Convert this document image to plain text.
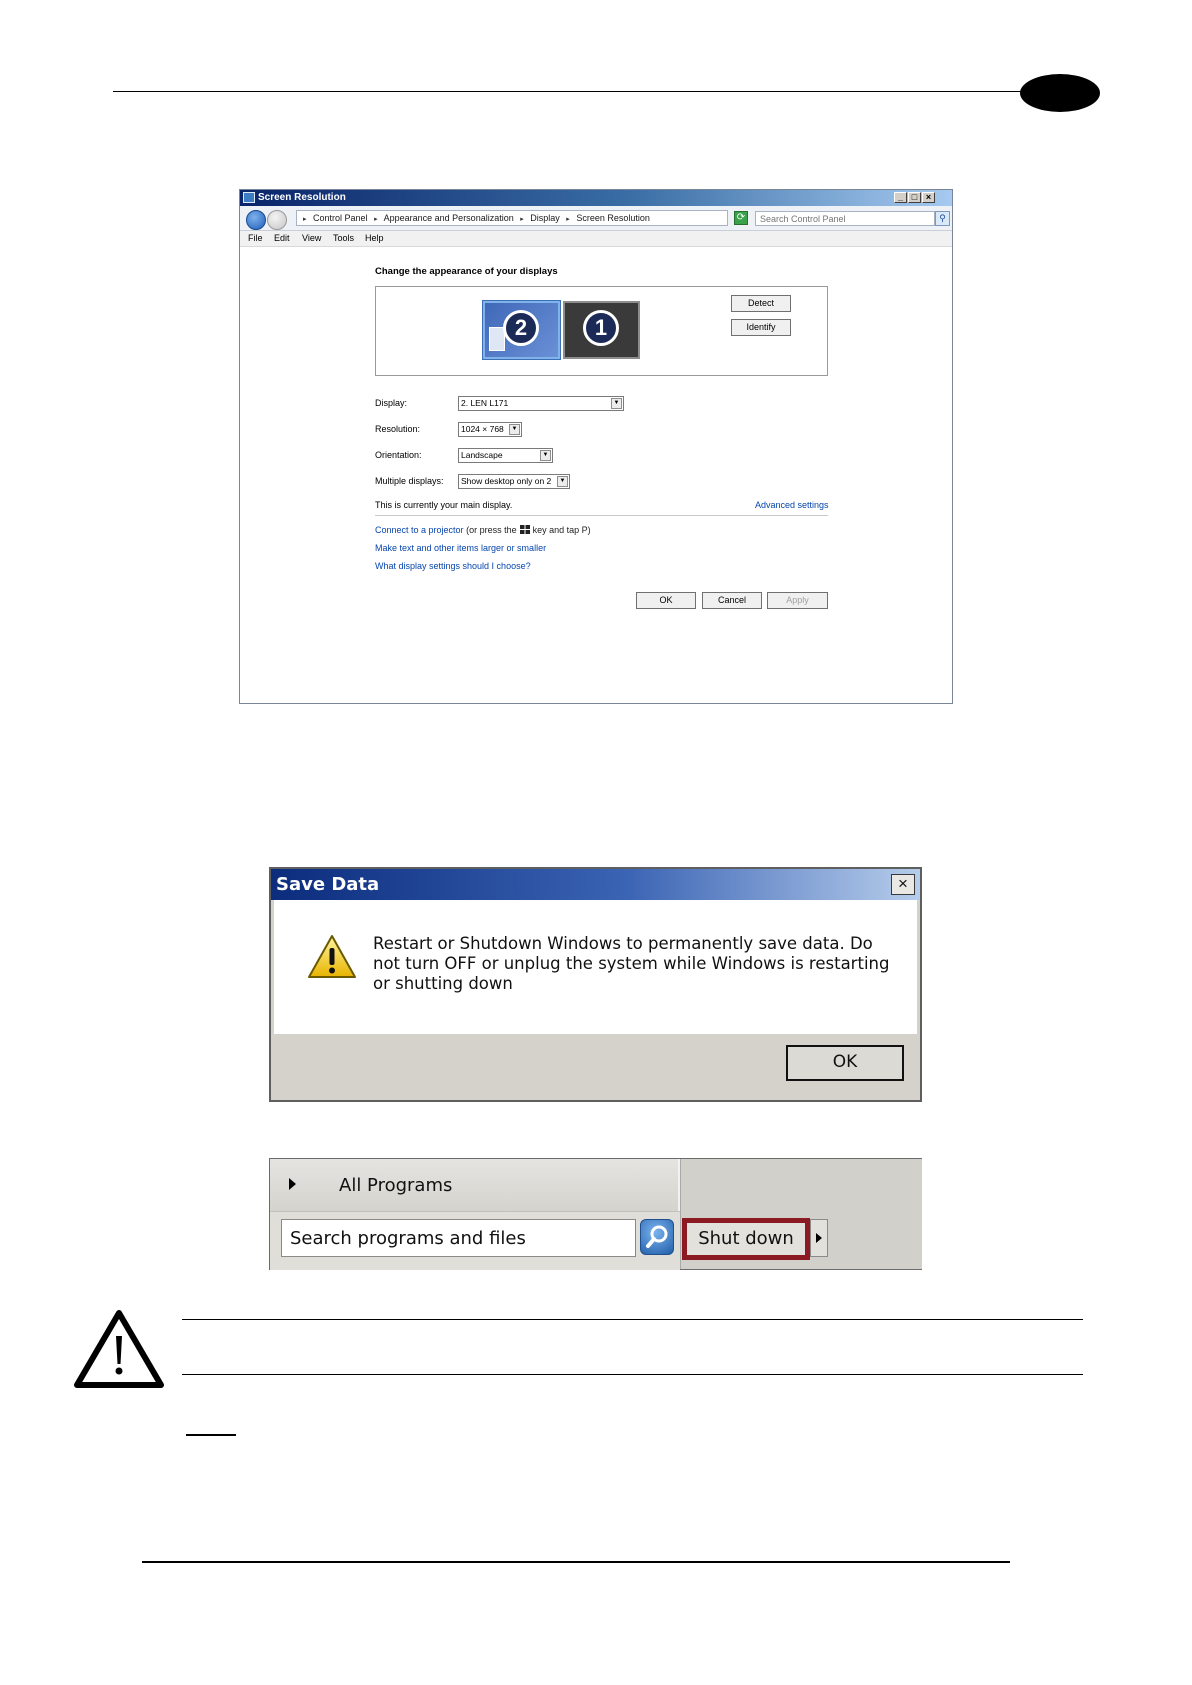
Screen Resolution	_ □ ×
▸ Control Panel ▸ Appearance and Personalization ▸ Display ▸ Screen Resolution	⟳
Search Control Panel	⚲
File Edit View Tools Help
Change the appearance of your displays
2	1
Detect
Identify
Display:	2. LEN L171	▼
Resolution:	1024 × 768	▼
Orientation:	Landscape	▼
Multiple displays: Show desktop only on 2	▼
This is currently your main display.	Advanced settings
Connect to a projector (or press the key and tap P)
Make text and other items larger or smaller
What display settings should I choose?
OK	Cancel	Apply
Save Data	×
Restart or Shutdown Windows to permanently save data. Do not turn OFF or unplug the system while Windows is restarting or shutting down
OK
All Programs
Search programs and files
Shut down
